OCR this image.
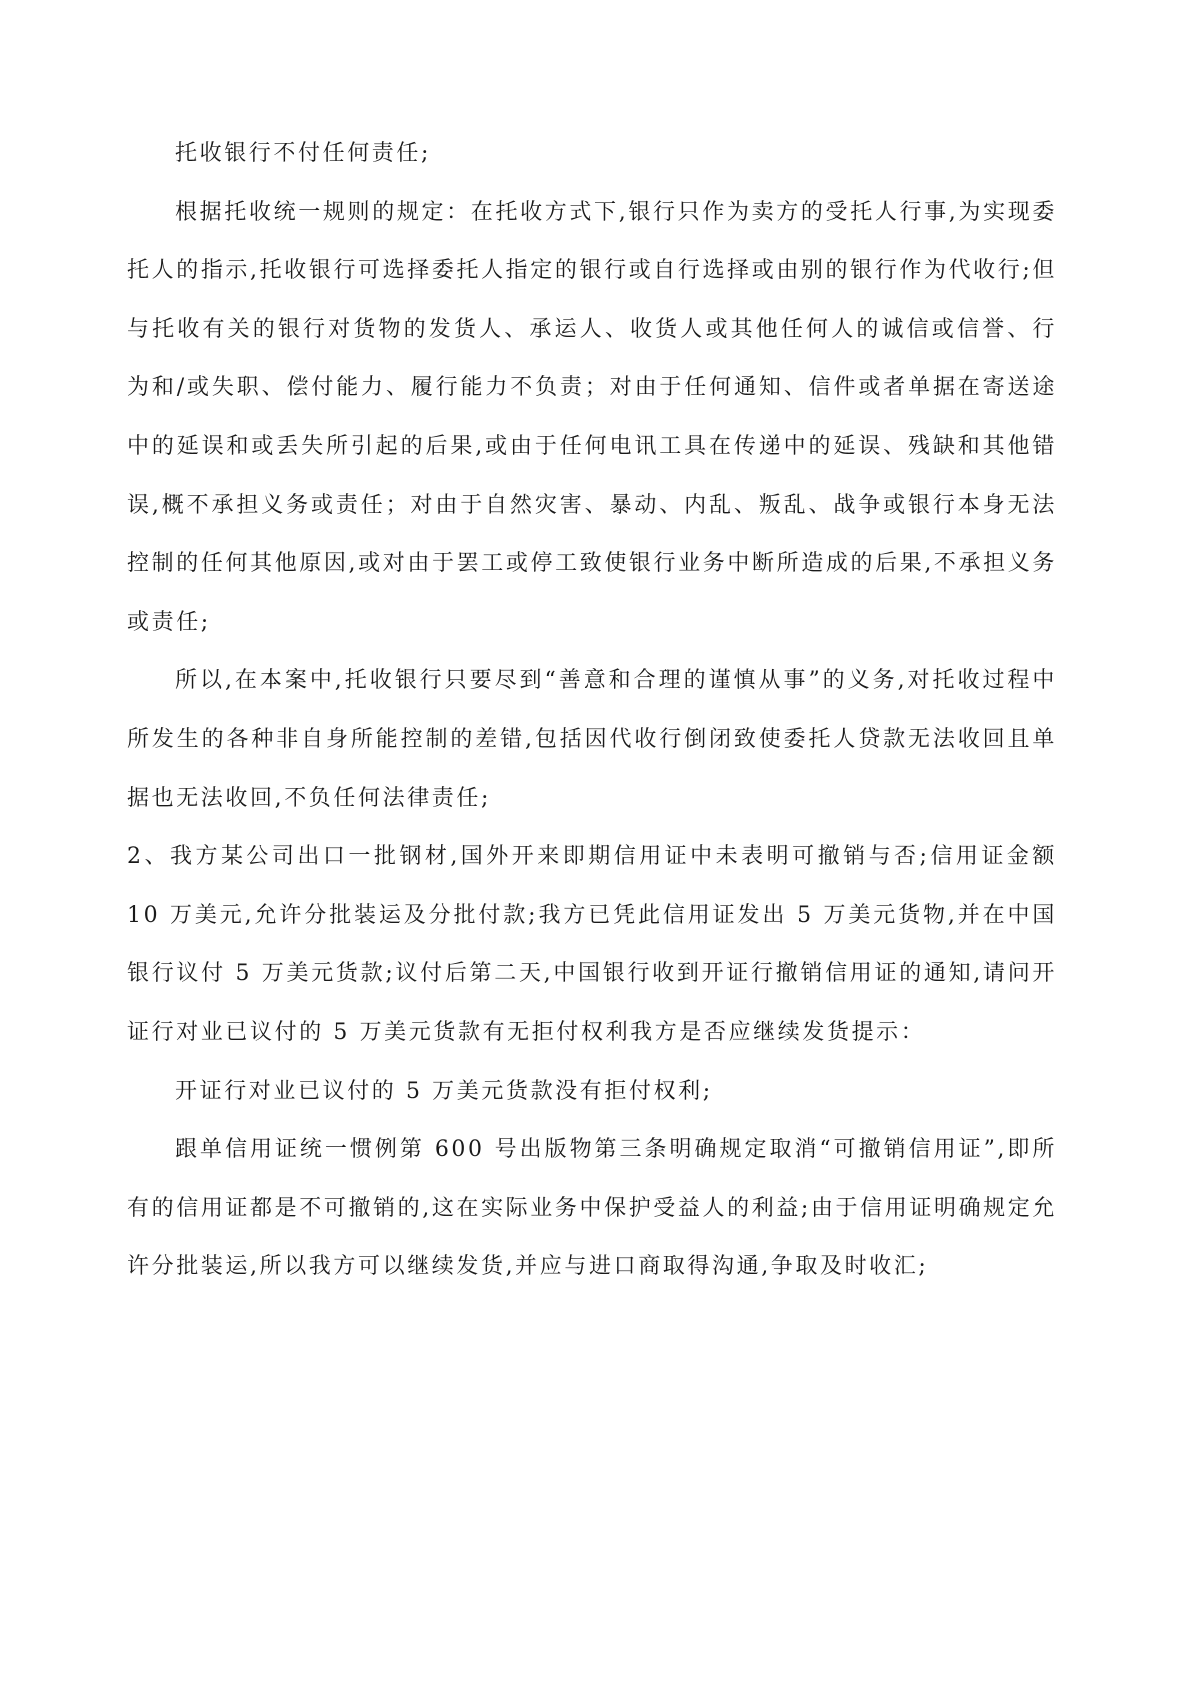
托收银行不付任何责任;

根据托收统一规则的规定：在托收方式下,银行只作为卖方的受托人行事,为实现委托人的指示,托收银行可选择委托人指定的银行或自行选择或由别的银行作为代收行;但与托收有关的银行对货物的发货人、承运人、收货人或其他任何人的诚信或信誉、行为和/或失职、偿付能力、履行能力不负责；对由于任何通知、信件或者单据在寄送途中的延误和或丢失所引起的后果,或由于任何电讯工具在传递中的延误、残缺和其他错误,概不承担义务或责任；对由于自然灾害、暴动、内乱、叛乱、战争或银行本身无法控制的任何其他原因,或对由于罢工或停工致使银行业务中断所造成的后果,不承担义务或责任;

所以,在本案中,托收银行只要尽到“善意和合理的谨慎从事”的义务,对托收过程中所发生的各种非自身所能控制的差错,包括因代收行倒闭致使委托人贷款无法收回且单据也无法收回,不负任何法律责任;

2、我方某公司出口一批钢材,国外开来即期信用证中未表明可撤销与否;信用证金额 10 万美元,允许分批装运及分批付款;我方已凭此信用证发出 5 万美元货物,并在中国银行议付 5 万美元货款;议付后第二天,中国银行收到开证行撤销信用证的通知,请问开证行对业已议付的 5 万美元货款有无拒付权利我方是否应继续发货提示：

开证行对业已议付的 5 万美元货款没有拒付权利;

跟单信用证统一惯例第 600 号出版物第三条明确规定取消“可撤销信用证”,即所有的信用证都是不可撤销的,这在实际业务中保护受益人的利益;由于信用证明确规定允许分批装运,所以我方可以继续发货,并应与进口商取得沟通,争取及时收汇;
